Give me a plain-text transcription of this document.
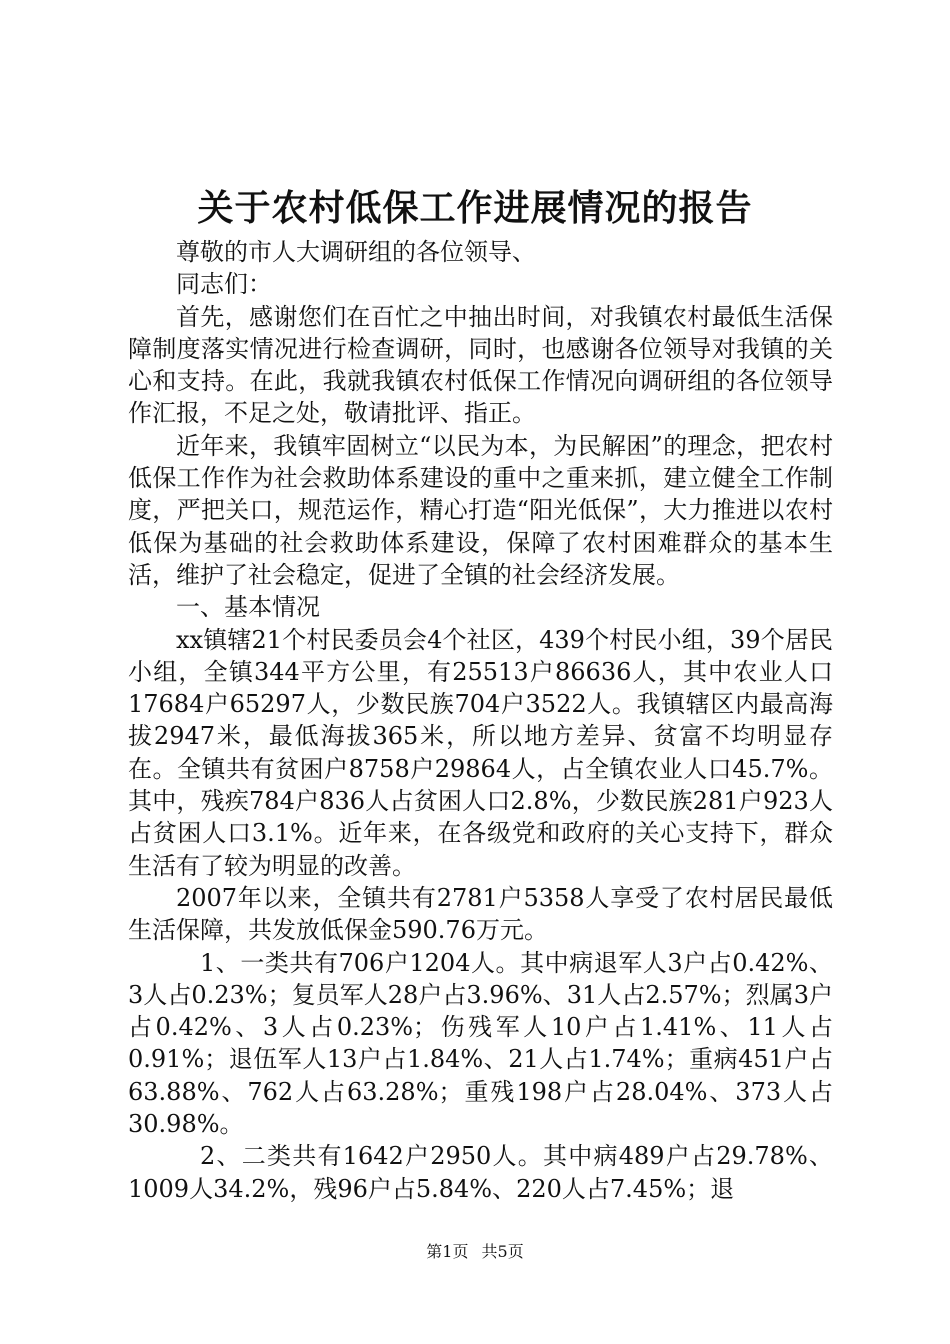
关于农村低保工作进展情况的报告

尊敬的市人大调研组的各位领导、

同志们：

首先，感谢您们在百忙之中抽出时间，对我镇农村最低生活保障制度落实情况进行检查调研，同时，也感谢各位领导对我镇的关心和支持。在此，我就我镇农村低保工作情况向调研组的各位领导作汇报，不足之处，敬请批评、指正。

近年来，我镇牢固树立“以民为本，为民解困”的理念，把农村低保工作作为社会救助体系建设的重中之重来抓，建立健全工作制度，严把关口，规范运作，精心打造“阳光低保”，大力推进以农村低保为基础的社会救助体系建设，保障了农村困难群众的基本生活，维护了社会稳定，促进了全镇的社会经济发展。

一、基本情况

xx镇辖21个村民委员会4个社区，439个村民小组，39个居民小组，全镇344平方公里，有25513户86636人，其中农业人口17684户65297人，少数民族704户3522人。我镇辖区内最高海拔2947米，最低海拔365米，所以地方差异、贫富不均明显存在。全镇共有贫困户8758户29864人，占全镇农业人口45.7%。其中，残疾784户836人占贫困人口2.8%，少数民族281户923人占贫困人口3.1%。近年来，在各级党和政府的关心支持下，群众生活有了较为明显的改善。

2007年以来，全镇共有2781户5358人享受了农村居民最低生活保障，共发放低保金590.76万元。

1、一类共有706户1204人。其中病退军人3户占0.42%、3人占0.23%；复员军人28户占3.96%、31人占2.57%；烈属3户占0.42%、3人占0.23%；伤残军人10户占1.41%、11人占0.91%；退伍军人13户占1.84%、21人占1.74%；重病451户占63.88%、762人占63.28%；重残198户占28.04%、373人占30.98%。

2、二类共有1642户2950人。其中病489户占29.78%、1009人34.2%，残96户占5.84%、220人占7.45%；退

第1页 共5页
